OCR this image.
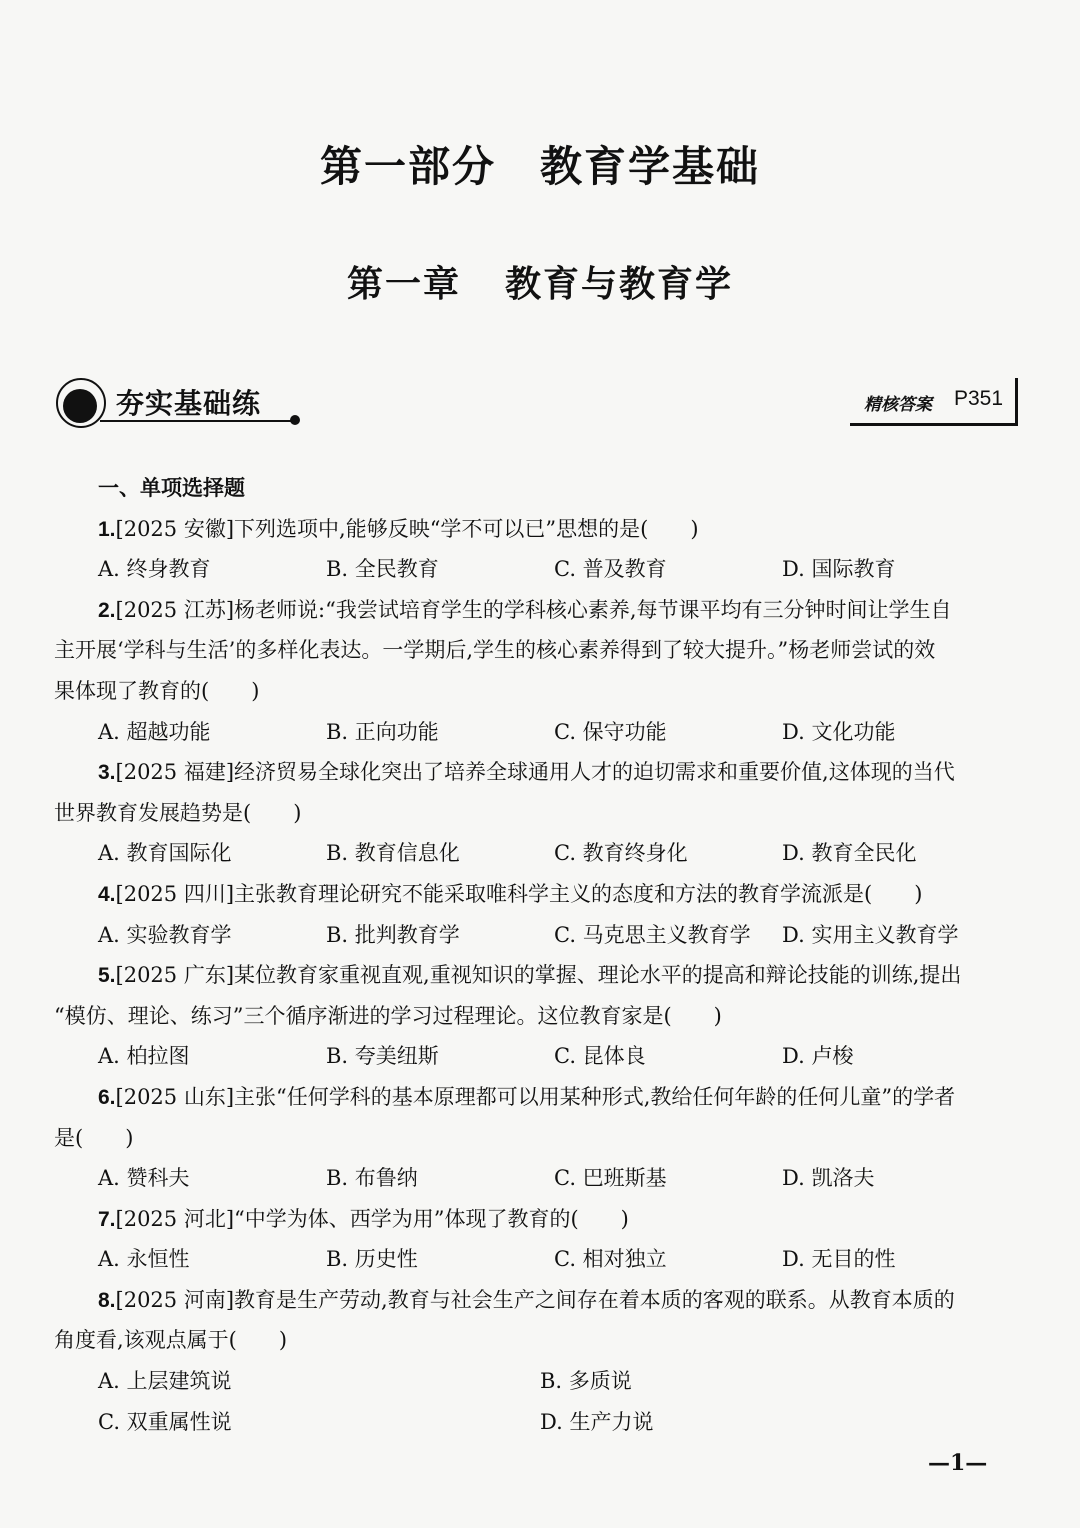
第一部分 教育学基础
第一章 教育与教育学
夯实基础练	精核答案 P351
一、单项选择题
1.[2025 安徽]下列选项中,能够反映“学不可以已”思想的是(　　)
A. 终身教育	B. 全民教育	C. 普及教育	D. 国际教育
2.[2025 江苏]杨老师说:“我尝试培育学生的学科核心素养,每节课平均有三分钟时间让学生自
主开展‘学科与生活’的多样化表达。一学期后,学生的核心素养得到了较大提升。”杨老师尝试的效
果体现了教育的(　　)
A. 超越功能	B. 正向功能	C. 保守功能	D. 文化功能
3.[2025 福建]经济贸易全球化突出了培养全球通用人才的迫切需求和重要价值,这体现的当代
世界教育发展趋势是(　　)
A. 教育国际化	B. 教育信息化	C. 教育终身化	D. 教育全民化
4.[2025 四川]主张教育理论研究不能采取唯科学主义的态度和方法的教育学流派是(　　)
A. 实验教育学	B. 批判教育学	C. 马克思主义教育学	D. 实用主义教育学
5.[2025 广东]某位教育家重视直观,重视知识的掌握、理论水平的提高和辩论技能的训练,提出
“模仿、理论、练习”三个循序渐进的学习过程理论。这位教育家是(　　)
A. 柏拉图	B. 夸美纽斯	C. 昆体良	D. 卢梭
6.[2025 山东]主张“任何学科的基本原理都可以用某种形式,教给任何年龄的任何儿童”的学者
是(　　)
A. 赞科夫	B. 布鲁纳	C. 巴班斯基	D. 凯洛夫
7.[2025 河北]“中学为体、西学为用”体现了教育的(　　)
A. 永恒性	B. 历史性	C. 相对独立	D. 无目的性
8.[2025 河南]教育是生产劳动,教育与社会生产之间存在着本质的客观的联系。从教育本质的
角度看,该观点属于(　　)
A. 上层建筑说	B. 多质说
C. 双重属性说	D. 生产力说
—1—
